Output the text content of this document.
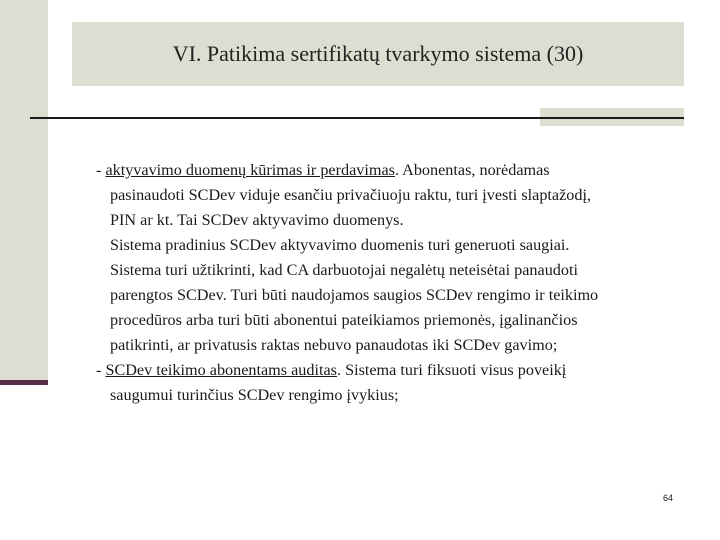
VI. Patikima sertifikatų tvarkymo sistema (30)
- aktyvavimo duomenų kūrimas ir perdavimas. Abonentas, norėdamas
pasinaudoti SCDev viduje esančiu privačiuoju raktu, turi įvesti slaptažodį,
PIN ar kt. Tai SCDev aktyvavimo duomenys.
Sistema pradinius SCDev aktyvavimo duomenis turi generuoti saugiai.
Sistema turi užtikrinti, kad CA darbuotojai negalėtų neteisėtai panaudoti
parengtos SCDev. Turi būti naudojamos saugios SCDev rengimo ir teikimo
procedūros arba turi būti abonentui pateikiamos priemonės, įgalinančios
patikrinti, ar privatusis raktas nebuvo panaudotas iki SCDev gavimo;
- SCDev teikimo abonentams auditas. Sistema turi fiksuoti visus poveikį
saugumui turinčius SCDev rengimo įvykius;
64
